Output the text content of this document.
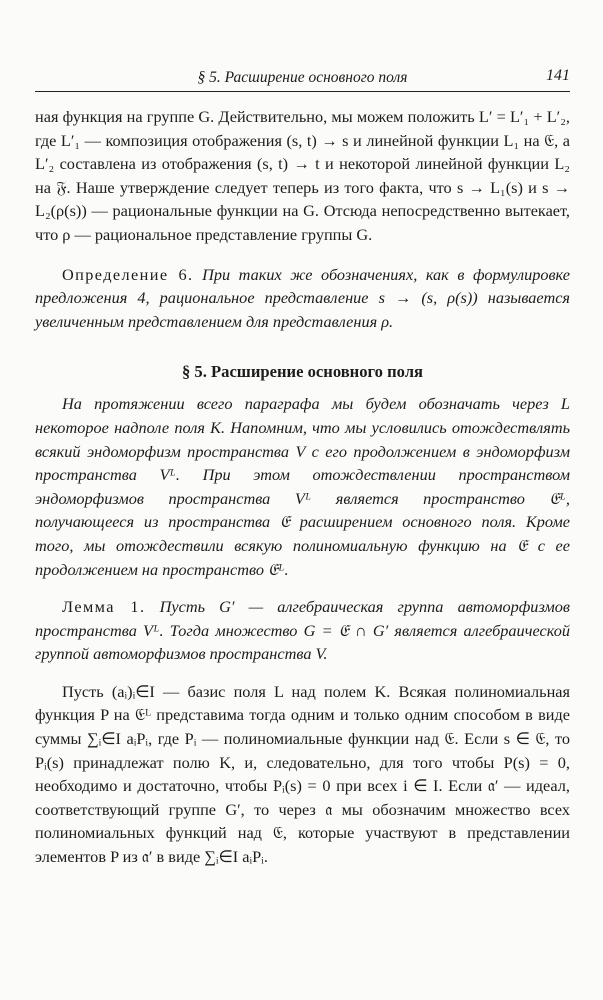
§ 5. Расширение основного поля	141

ная функция на группе G. Действительно, мы можем положить L′ = L′₁ + L′₂, где L′₁ — композиция отображения (s, t) → s и линейной функции L₁ на 𝔈, а L′₂ составлена из отображения (s, t) → t и некоторой линейной функции L₂ на 𝔉. Наше утверждение следует теперь из того факта, что s → L₁(s) и s → L₂(ρ(s)) — рациональные функции на G. Отсюда непосредственно вытекает, что ρ — рациональное представление группы G.

Определение 6. При таких же обозначениях, как в формулировке предложения 4, рациональное представление s → (s, ρ(s)) называется увеличенным представлением для представления ρ.

§ 5. Расширение основного поля

На протяжении всего параграфа мы будем обозначать через L некоторое надполе поля K. Напомним, что мы условились отождествлять всякий эндоморфизм пространства V с его продолжением в эндоморфизм пространства Vᴸ. При этом отождествлении пространством эндоморфизмов пространства Vᴸ является пространство 𝔈ᴸ, получающееся из пространства 𝔈 расширением основного поля. Кроме того, мы отождествили всякую полиномиальную функцию на 𝔈 с ее продолжением на пространство 𝔈ᴸ.

Лемма 1. Пусть G′ — алгебраическая группа автоморфизмов пространства Vᴸ. Тогда множество G = 𝔈 ∩ G′ является алгебраической группой автоморфизмов пространства V.

Пусть (aᵢ)ᵢ∈I — базис поля L над полем K. Всякая полиномиальная функция P на 𝔈ᴸ представима тогда одним и только одним способом в виде суммы ∑ᵢ∈I aᵢPᵢ, где Pᵢ — полиномиальные функции над 𝔈. Если s ∈ 𝔈, то Pᵢ(s) принадлежат полю K, и, следовательно, для того чтобы P(s) = 0, необходимо и достаточно, чтобы Pᵢ(s) = 0 при всех i ∈ I. Если 𝔞′ — идеал, соответствующий группе G′, то через 𝔞 мы обозначим множество всех полиномиальных функций над 𝔈, которые участвуют в представлении элементов P из 𝔞′ в виде ∑ᵢ∈I aᵢPᵢ.
